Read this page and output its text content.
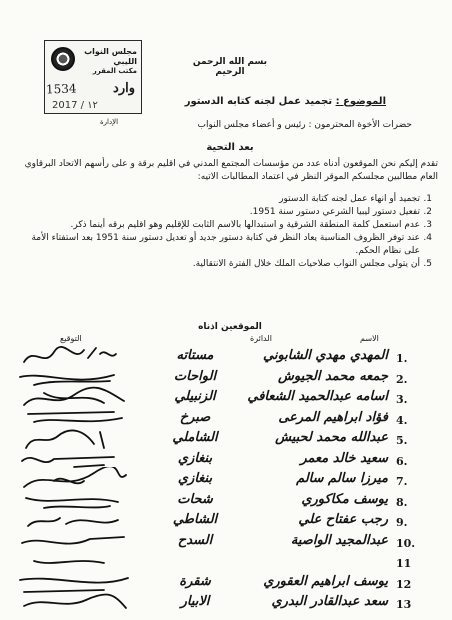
مجلس النواب الليبي
مكتب المقرر
وارد
1534
2017 / ١٢
الإدارة
بسم الله الرحمن الرحيم
الموضوع : تجميد عمل لجنه كتابه الدستور
حضرات الأخوة المحترمون : رئيس و أعضاء مجلس النواب
بعد التحية
تقدم إليكم نحن الموقعون أدناه عدد من مؤسسات المجتمع المدني في اقليم برقة و على رأسهم الاتحاد البرقاوي العام مطالبين مجلسكم الموقر النظر في اعتماد المطالبات الاتيه:
1.
تجميد أو انهاء عمل لجنه كتابة الدستور
2.
تفعيل دستور ليبيا الشرعي دستور سنة 1951.
3.
عدم استعمل كلمة المنطقة الشرقية و استبدالها بالاسم الثابت للإقليم وهو اقليم برقه أينما ذكر.
4.
عند توفر الظروف المناسبة يعاد النظر في كتابة دستور جديد أو تعديل دستور سنة 1951 بعد استفتاء الأمة على نظام الحكم.
5.
أن يتولى مجلس النواب صلاحيات الملك خلال الفترة الانتقالية.
الموقعين اذناه
الاسم
الدائرة
التوقيع
1.
المهدي مهدي الشابوني
مستاته
2.
جمعه محمد الجيوش
الواحات
3.
اسامه عبدالحميد الشعافي
الزنبيلي
4.
فؤاد ابراهيم المرعى
صبرخ
5.
عبدالله محمد لحبيش
الشاملي
6.
سعيد خالد معمر
بنغازي
7.
ميرزا سالم سالم
بنغازي
8.
يوسف مكاكوري
شحات
9.
رجب عفتاح علي
الشاطي
10.
عبدالمجيد الواصية
السدح
11
12
يوسف ابراهيم العقوري
شقرة
13
سعد عبدالقادر البدري
الابيار
